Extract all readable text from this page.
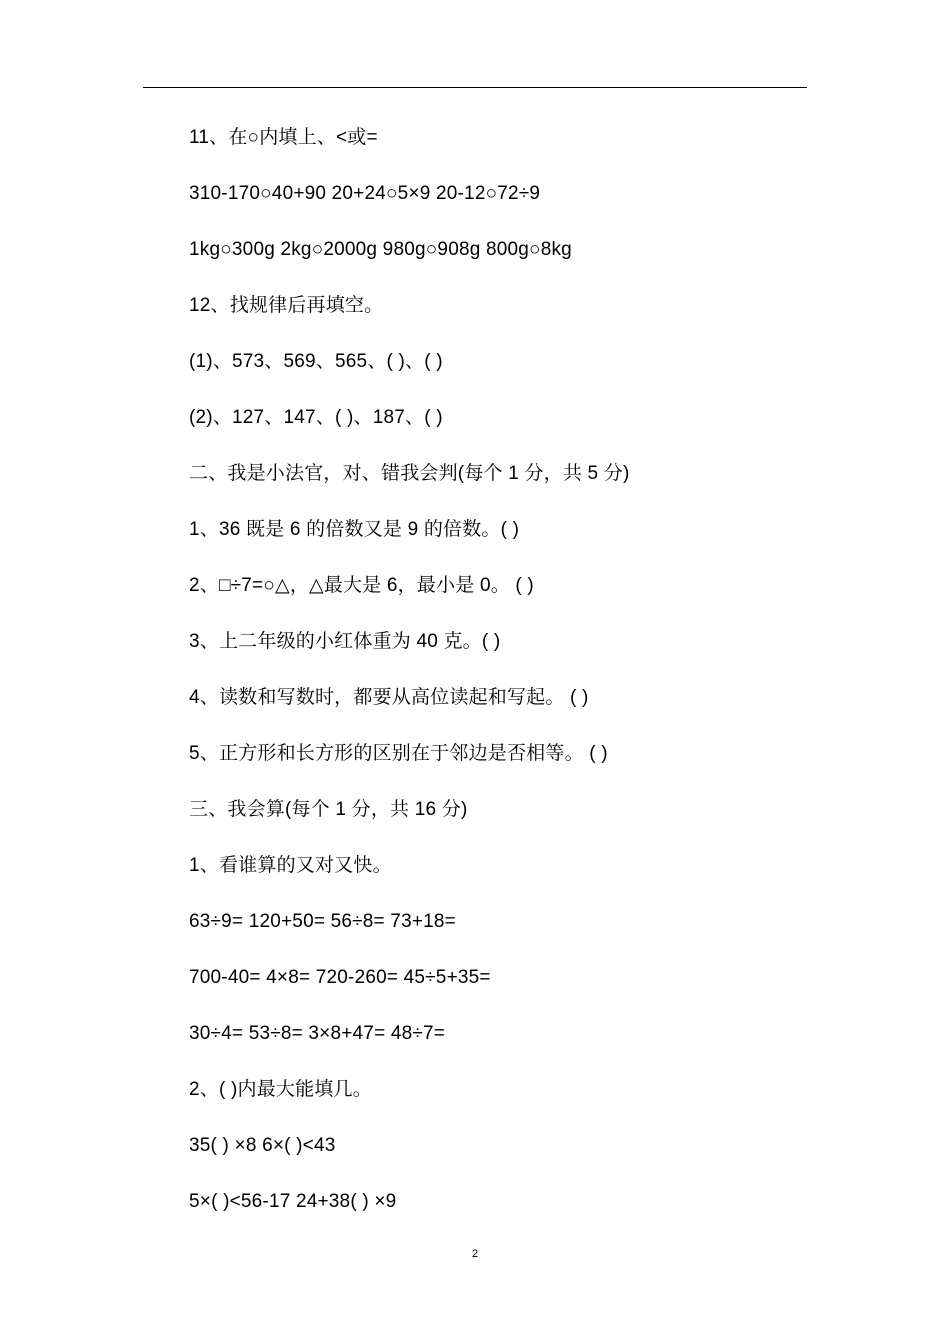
11、在○内填上、<或=
310-170○40+90 20+24○5×9 20-12○72÷9
1kg○300g 2kg○2000g 980g○908g 800g○8kg
12、找规律后再填空。
(1)、573、569、565、( )、( )
(2)、127、147、( )、187、( )
二、我是小法官，对、错我会判(每个 1 分，共 5 分)
1、36 既是 6 的倍数又是 9 的倍数。( )
2、□÷7=○△，△最大是 6，最小是 0。 ( )
3、上二年级的小红体重为 40 克。( )
4、读数和写数时，都要从高位读起和写起。 ( )
5、正方形和长方形的区别在于邻边是否相等。 ( )
三、我会算(每个 1 分，共 16 分)
1、看谁算的又对又快。
63÷9= 120+50= 56÷8= 73+18=
700-40= 4×8= 720-260= 45÷5+35=
30÷4= 53÷8= 3×8+47= 48÷7=
2、( )内最大能填几。
35( ) ×8 6×( )<43
5×( )<56-17 24+38( ) ×9
2
